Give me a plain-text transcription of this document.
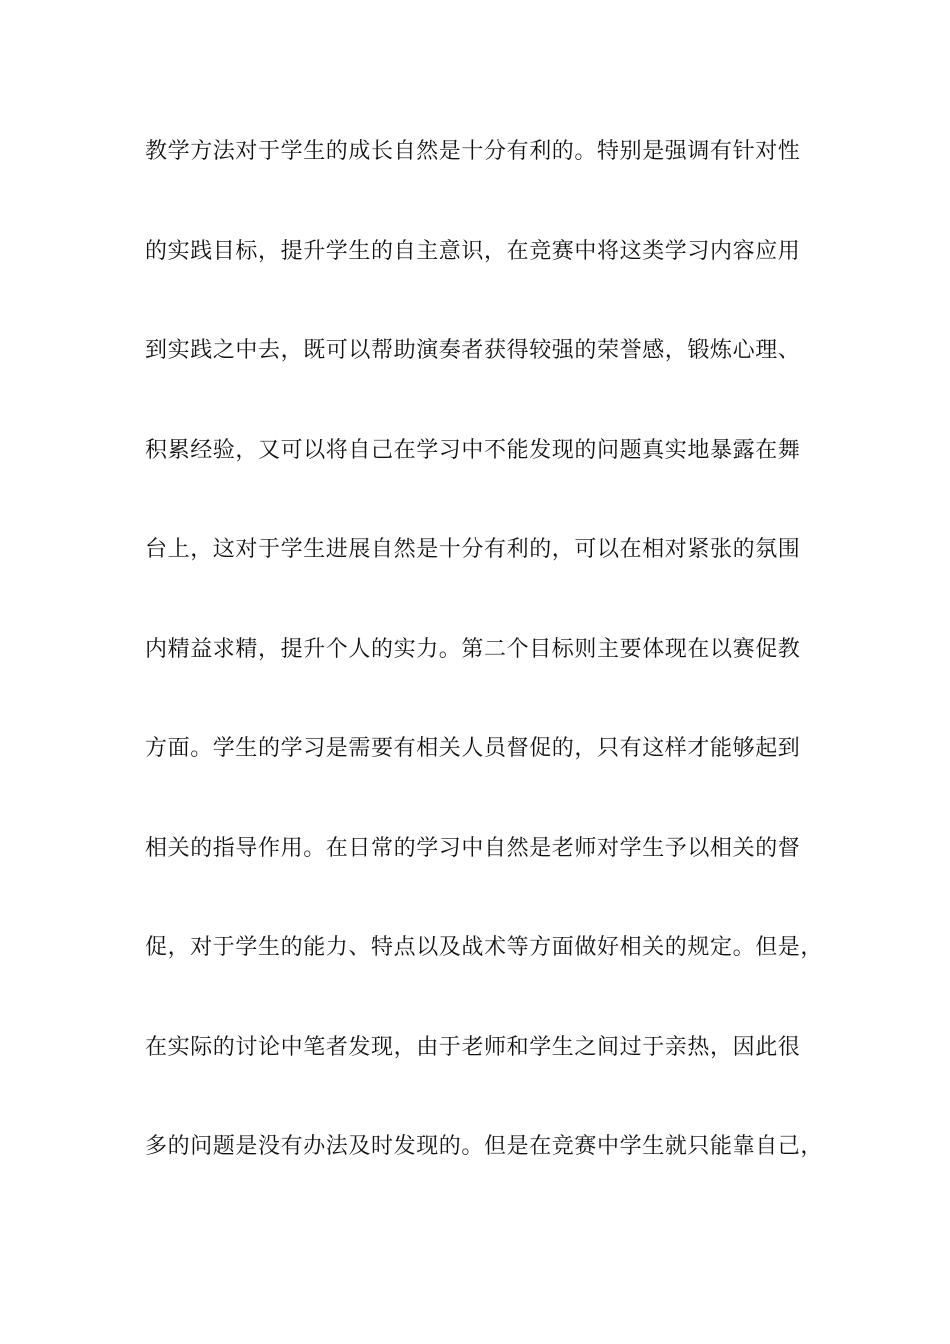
教学方法对于学生的成长自然是十分有利的。特别是强调有针对性
的实践目标，提升学生的自主意识，在竞赛中将这类学习内容应用
到实践之中去，既可以帮助演奏者获得较强的荣誉感，锻炼心理、
积累经验，又可以将自己在学习中不能发现的问题真实地暴露在舞
台上，这对于学生进展自然是十分有利的，可以在相对紧张的氛围
内精益求精，提升个人的实力。第二个目标则主要体现在以赛促教
方面。学生的学习是需要有相关人员督促的，只有这样才能够起到
相关的指导作用。在日常的学习中自然是老师对学生予以相关的督
促，对于学生的能力、特点以及战术等方面做好相关的规定。但是，
在实际的讨论中笔者发现，由于老师和学生之间过于亲热，因此很
多的问题是没有办法及时发现的。但是在竞赛中学生就只能靠自己，
